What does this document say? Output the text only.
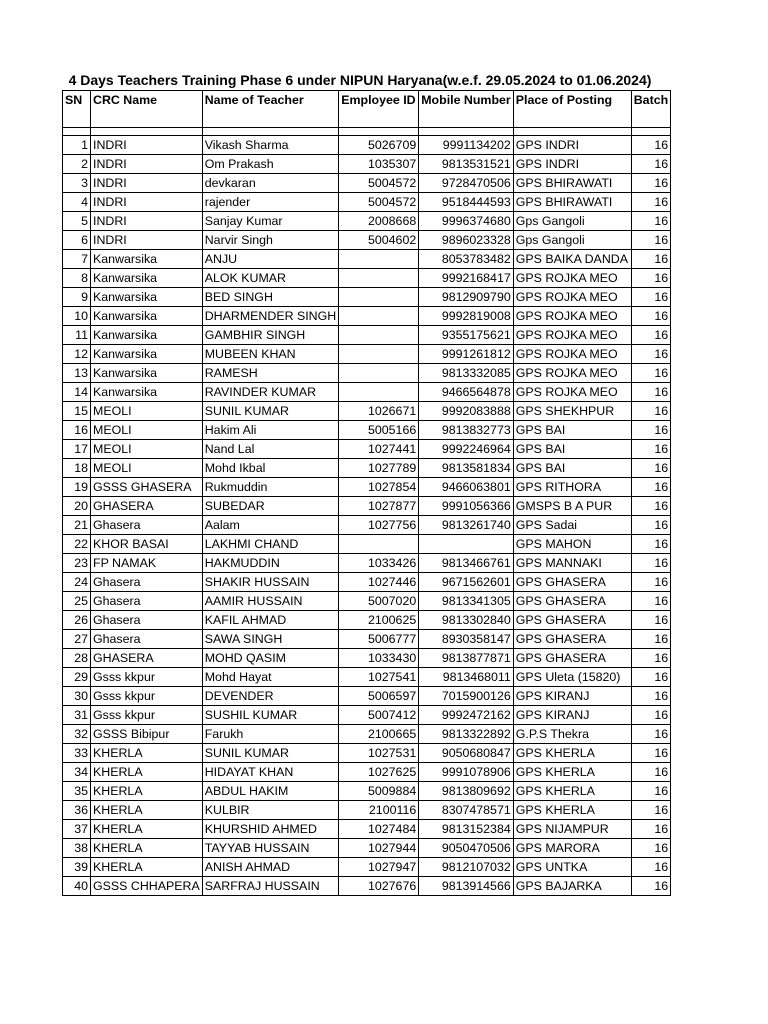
4 Days Teachers Training Phase 6 under NIPUN Haryana(w.e.f. 29.05.2024 to 01.06.2024)
SN	CRC Name	Name of Teacher	Employee ID	Mobile Number	Place of Posting	Batch

1	INDRI	Vikash Sharma	5026709	9991134202	GPS INDRI	16
2	INDRI	Om Prakash	1035307	9813531521	GPS INDRI	16
3	INDRI	devkaran	5004572	9728470506	GPS BHIRAWATI	16
4	INDRI	rajender	5004572	9518444593	GPS BHIRAWATI	16
5	INDRI	Sanjay Kumar	2008668	9996374680	Gps Gangoli	16
6	INDRI	Narvir Singh	5004602	9896023328	Gps Gangoli	16
7	Kanwarsika	ANJU		8053783482	GPS BAIKA DANDA	16
8	Kanwarsika	ALOK KUMAR		9992168417	GPS ROJKA MEO	16
9	Kanwarsika	BED SINGH		9812909790	GPS ROJKA MEO	16
10	Kanwarsika	DHARMENDER SINGH		9992819008	GPS ROJKA MEO	16
11	Kanwarsika	GAMBHIR SINGH		9355175621	GPS ROJKA MEO	16
12	Kanwarsika	MUBEEN KHAN		9991261812	GPS ROJKA MEO	16
13	Kanwarsika	RAMESH		9813332085	GPS ROJKA MEO	16
14	Kanwarsika	RAVINDER KUMAR		9466564878	GPS ROJKA MEO	16
15	MEOLI	SUNIL KUMAR	1026671	9992083888	GPS SHEKHPUR	16
16	MEOLI	Hakim Ali	5005166	9813832773	GPS BAI	16
17	MEOLI	Nand Lal	1027441	9992246964	GPS BAI	16
18	MEOLI	Mohd Ikbal	1027789	9813581834	GPS BAI	16
19	GSSS GHASERA	Rukmuddin	1027854	9466063801	GPS RITHORA	16
20	GHASERA	SUBEDAR	1027877	9991056366	GMSPS B A PUR	16
21	Ghasera	Aalam	1027756	9813261740	GPS Sadai	16
22	KHOR BASAI	LAKHMI CHAND			GPS MAHON	16
23	FP NAMAK	HAKMUDDIN	1033426	9813466761	GPS MANNAKI	16
24	Ghasera	SHAKIR HUSSAIN	1027446	9671562601	GPS GHASERA	16
25	Ghasera	AAMIR HUSSAIN	5007020	9813341305	GPS GHASERA	16
26	Ghasera	KAFIL AHMAD	2100625	9813302840	GPS GHASERA	16
27	Ghasera	SAWA SINGH	5006777	8930358147	GPS GHASERA	16
28	GHASERA	MOHD QASIM	1033430	9813877871	GPS GHASERA	16
29	Gsss kkpur	Mohd Hayat	1027541	9813468011	GPS Uleta (15820)	16
30	Gsss kkpur	DEVENDER	5006597	7015900126	GPS KIRANJ	16
31	Gsss kkpur	SUSHIL KUMAR	5007412	9992472162	GPS KIRANJ	16
32	GSSS Bibipur	Farukh	2100665	9813322892	G.P.S Thekra	16
33	KHERLA	SUNIL KUMAR	1027531	9050680847	GPS KHERLA	16
34	KHERLA	HIDAYAT KHAN	1027625	9991078906	GPS KHERLA	16
35	KHERLA	ABDUL HAKIM	5009884	9813809692	GPS KHERLA	16
36	KHERLA	KULBIR	2100116	8307478571	GPS KHERLA	16
37	KHERLA	KHURSHID AHMED	1027484	9813152384	GPS NIJAMPUR	16
38	KHERLA	TAYYAB HUSSAIN	1027944	9050470506	GPS MARORA	16
39	KHERLA	ANISH AHMAD	1027947	9812107032	GPS UNTKA	16
40	GSSS CHHAPERA	SARFRAJ HUSSAIN	1027676	9813914566	GPS BAJARKA	16
